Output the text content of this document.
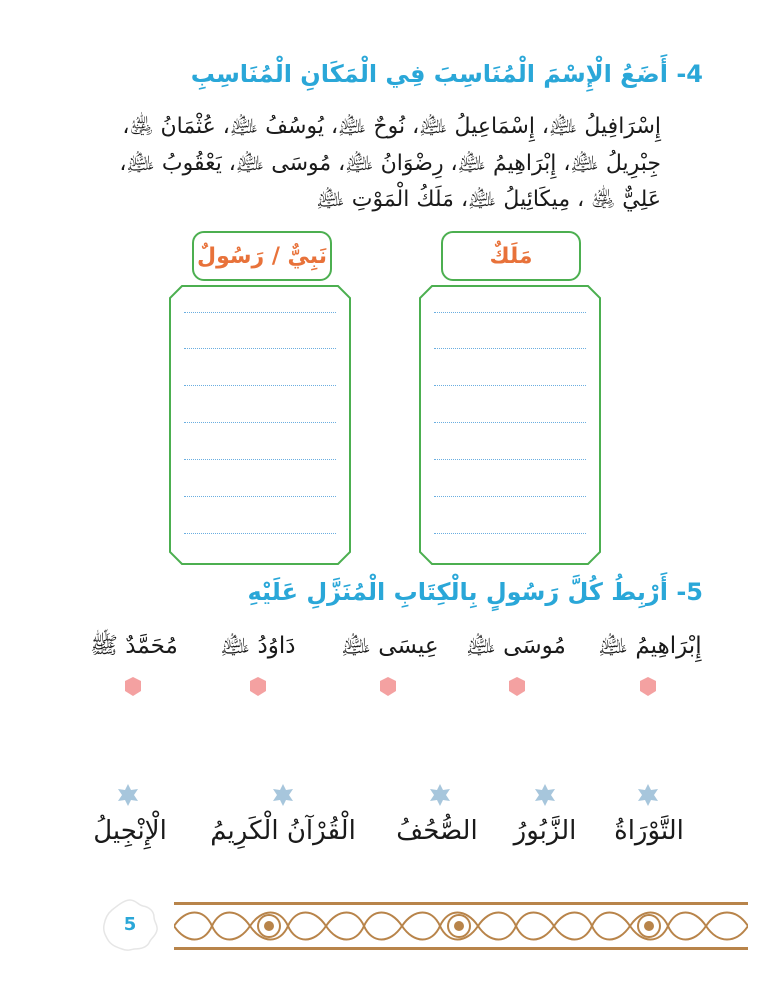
4- أَضَعُ الْإِسْمَ الْمُنَاسِبَ فِي الْمَكَانِ الْمُنَاسِبِ
إِسْرَافِيلُ ﵇، إِسْمَاعِيلُ ﵇، نُوحٌ ﵇، يُوسُفُ ﵇، عُثْمَانُ ﵁،
جِبْرِيلُ ﵇، إِبْرَاهِيمُ ﵇، رِضْوَانُ ﵇، مُوسَى ﵇، يَعْقُوبُ ﵇،
عَلِيٌّ ﵁ ، مِيكَائِيلُ ﵇، مَلَكُ الْمَوْتِ ﵇
مَلَكٌ
نَبِيٌّ / رَسُولٌ
5- أَرْبِطُ كُلَّ رَسُولٍ بِالْكِتَابِ الْمُنَزَّلِ عَلَيْهِ
إِبْرَاهِيمُ ﵇
مُوسَى ﵇
عِيسَى ﵇
دَاوُدُ ﵇
مُحَمَّدٌ ﷺ
التَّوْرَاةُ
الزَّبُورُ
الصُّحُفُ
الْقُرْآنُ الْكَرِيمُ
الْإِنْجِيلُ
5
